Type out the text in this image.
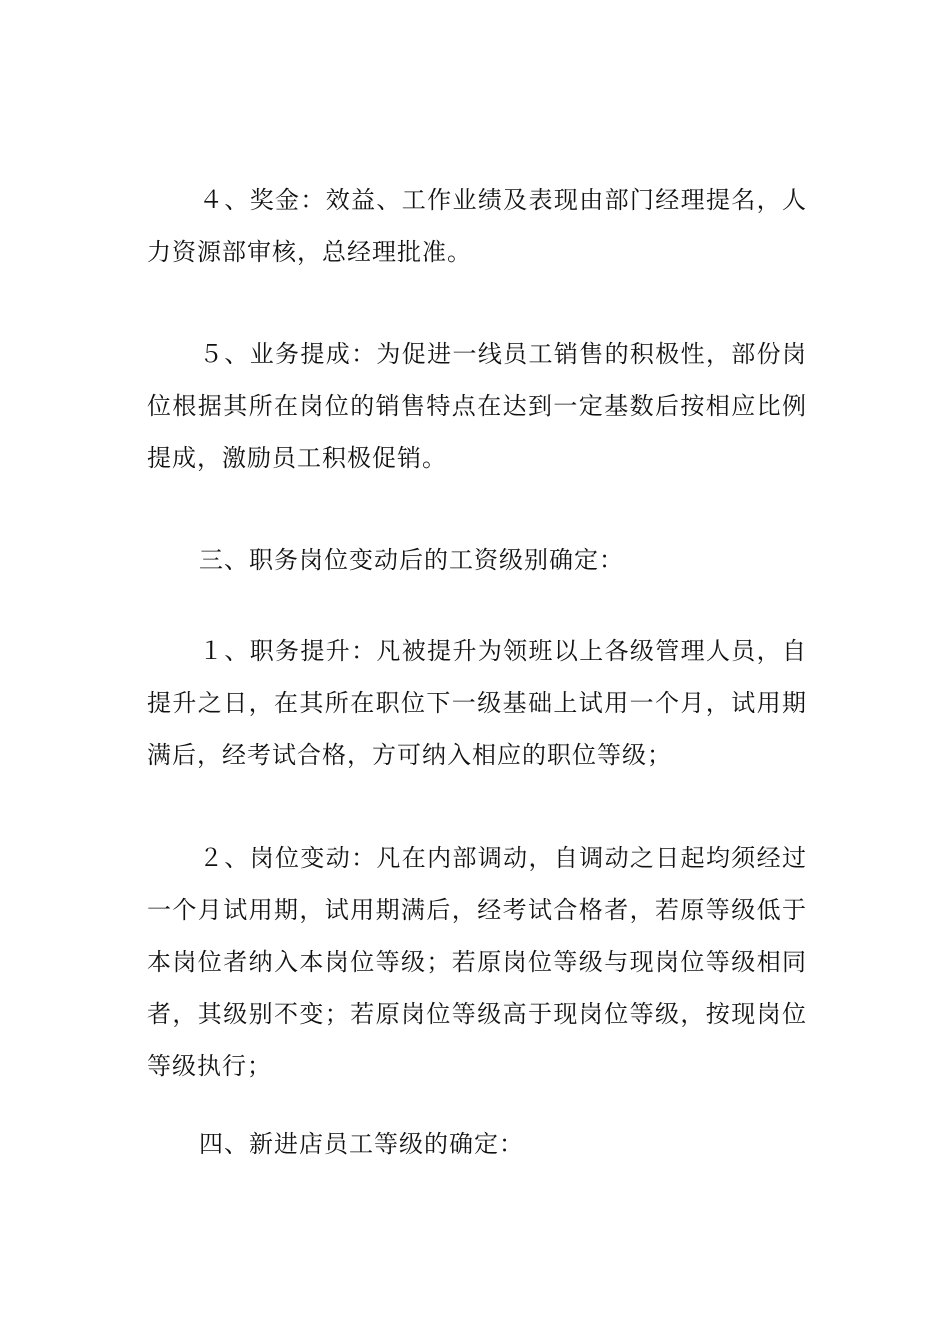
４、奖金：效益、工作业绩及表现由部门经理提名，人力资源部审核，总经理批准。

５、业务提成：为促进一线员工销售的积极性，部份岗位根据其所在岗位的销售特点在达到一定基数后按相应比例提成，激励员工积极促销。

三、职务岗位变动后的工资级别确定：

１、职务提升：凡被提升为领班以上各级管理人员，自提升之日，在其所在职位下一级基础上试用一个月，试用期满后，经考试合格，方可纳入相应的职位等级；

２、岗位变动：凡在内部调动，自调动之日起均须经过一个月试用期，试用期满后，经考试合格者，若原等级低于本岗位者纳入本岗位等级；若原岗位等级与现岗位等级相同者，其级别不变；若原岗位等级高于现岗位等级，按现岗位等级执行；

四、新进店员工等级的确定：
